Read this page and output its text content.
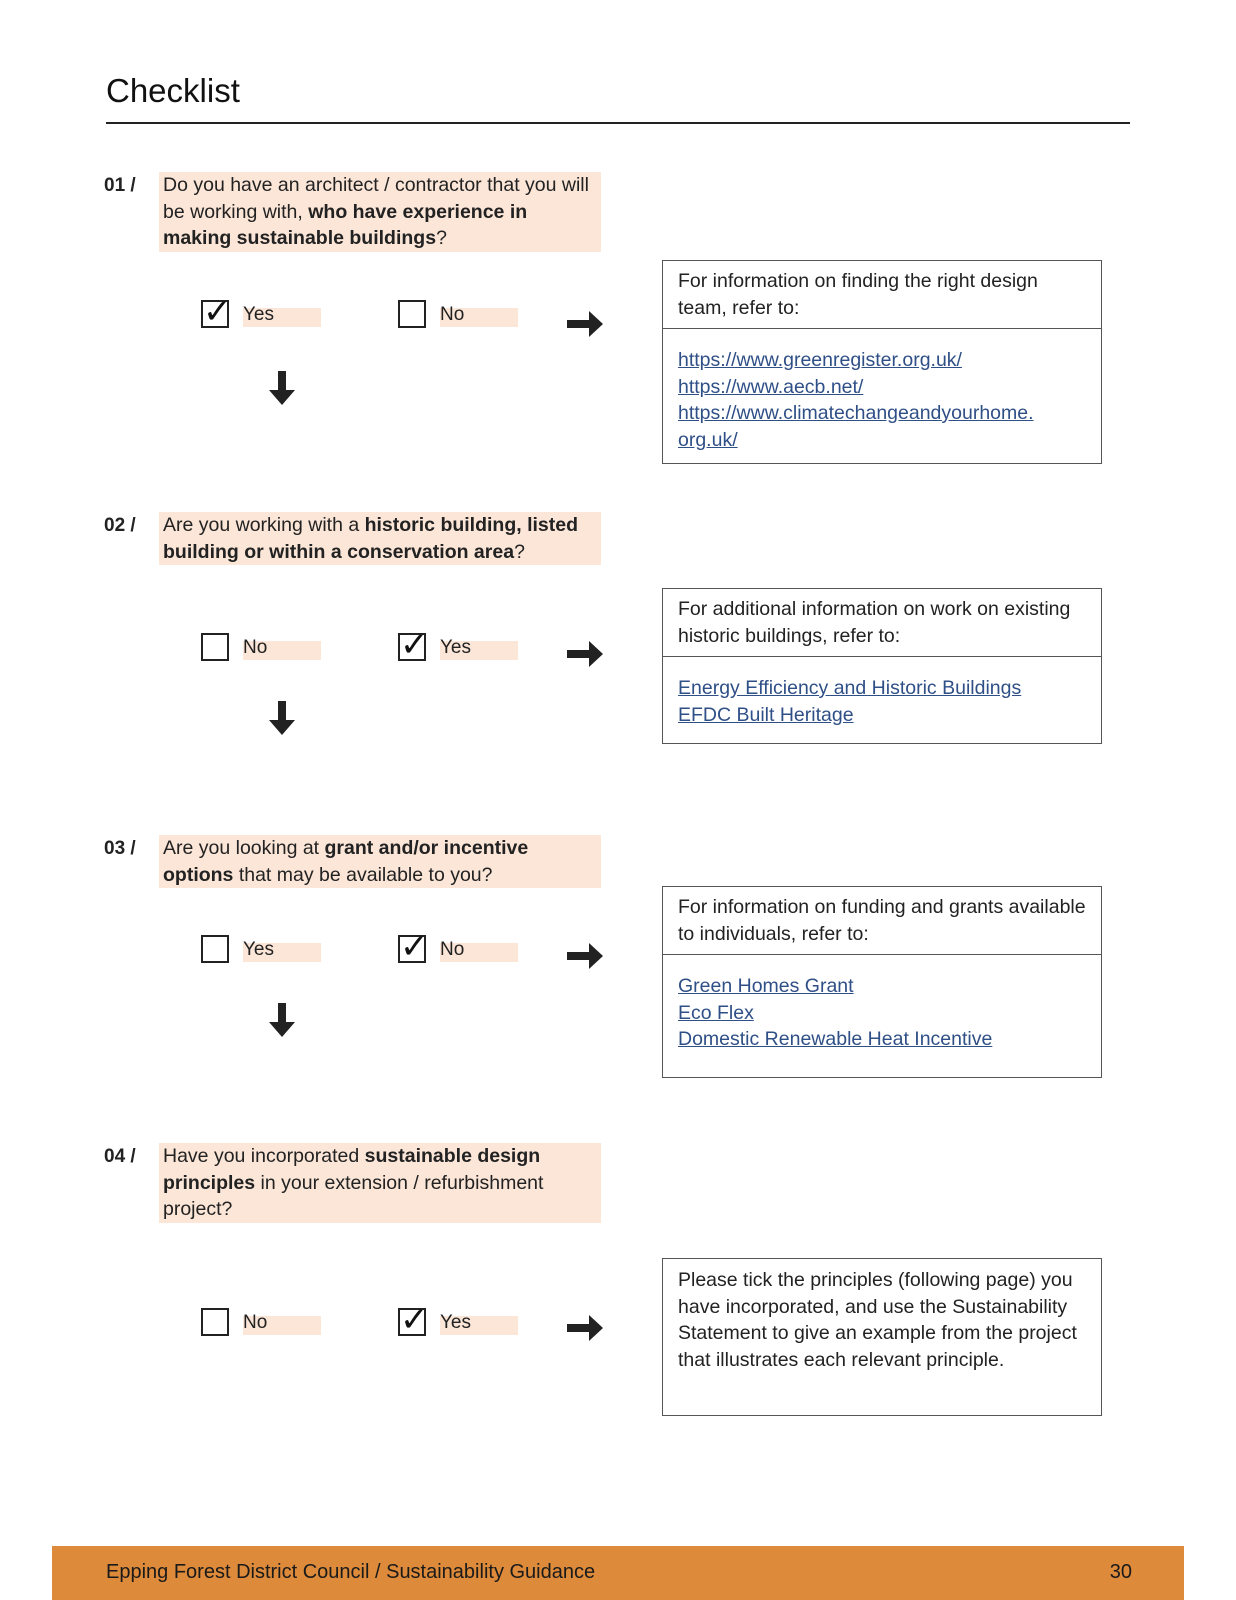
Checklist
01 / Do you have an architect / contractor that you will be working with, who have experience in making sustainable buildings?
✓ Yes	No
For information on finding the right design team, refer to:
https://www.greenregister.org.uk/
https://www.aecb.net/
https://www.climatechangeandyourhome.
org.uk/
02 / Are you working with a historic building, listed building or within a conservation area?
No	✓ Yes
For additional information on work on existing historic buildings, refer to:
Energy Efficiency and Historic Buildings
EFDC Built Heritage
03 / Are you looking at grant and/or incentive options that may be available to you?
Yes	✓ No
For information on funding and grants available to individuals, refer to:
Green Homes Grant
Eco Flex
Domestic Renewable Heat Incentive
04 / Have you incorporated sustainable design principles in your extension / refurbishment project?
No	✓ Yes
Please tick the principles (following page) you have incorporated, and use the Sustainability Statement to give an example from the project that illustrates each relevant principle.
Epping Forest District Council / Sustainability Guidance	30
